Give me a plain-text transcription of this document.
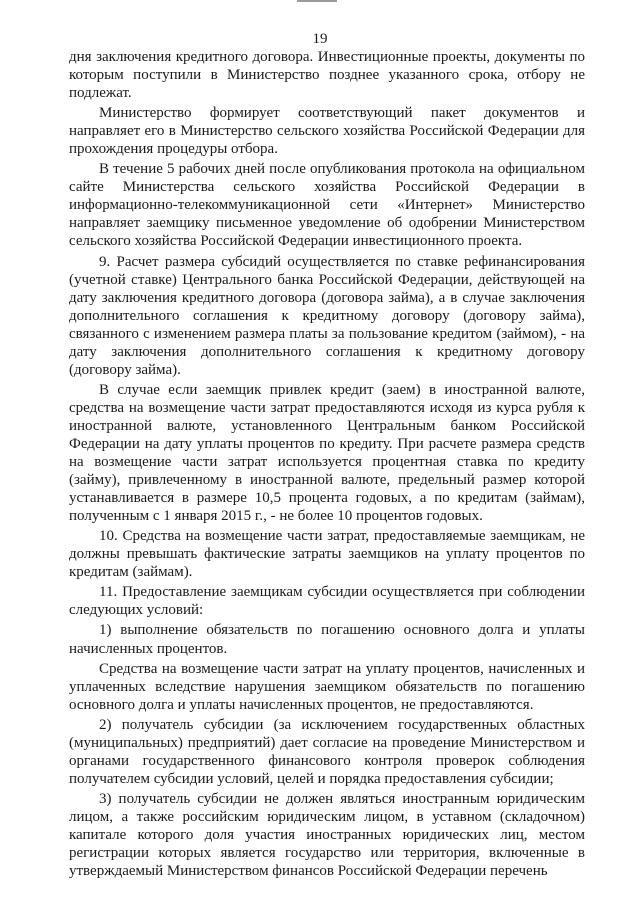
19

дня заключения кредитного договора. Инвестиционные проекты, документы по которым поступили в Министерство позднее указанного срока, отбору не подлежат.

Министерство формирует соответствующий пакет документов и направляет его в Министерство сельского хозяйства Российской Федерации для прохождения процедуры отбора.

В течение 5 рабочих дней после опубликования протокола на официальном сайте Министерства сельского хозяйства Российской Федерации в информационно-телекоммуникационной сети «Интернет» Министерство направляет заемщику письменное уведомление об одобрении Министерством сельского хозяйства Российской Федерации инвестиционного проекта.

9. Расчет размера субсидий осуществляется по ставке рефинансирования (учетной ставке) Центрального банка Российской Федерации, действующей на дату заключения кредитного договора (договора займа), а в случае заключения дополнительного соглашения к кредитному договору (договору займа), связанного с изменением размера платы за пользование кредитом (займом), - на дату заключения дополнительного соглашения к кредитному договору (договору займа).

В случае если заемщик привлек кредит (заем) в иностранной валюте, средства на возмещение части затрат предоставляются исходя из курса рубля к иностранной валюте, установленного Центральным банком Российской Федерации на дату уплаты процентов по кредиту. При расчете размера средств на возмещение части затрат используется процентная ставка по кредиту (займу), привлеченному в иностранной валюте, предельный размер которой устанавливается в размере 10,5 процента годовых, а по кредитам (займам), полученным с 1 января 2015 г., - не более 10 процентов годовых.

10. Средства на возмещение части затрат, предоставляемые заемщикам, не должны превышать фактические затраты заемщиков на уплату процентов по кредитам (займам).

11. Предоставление заемщикам субсидии осуществляется при соблюдении следующих условий:

1) выполнение обязательств по погашению основного долга и уплаты начисленных процентов.

Средства на возмещение части затрат на уплату процентов, начисленных и уплаченных вследствие нарушения заемщиком обязательств по погашению основного долга и уплаты начисленных процентов, не предоставляются.

2) получатель субсидии (за исключением государственных областных (муниципальных) предприятий) дает согласие на проведение Министерством и органами государственного финансового контроля проверок соблюдения получателем субсидии условий, целей и порядка предоставления субсидии;

3) получатель субсидии не должен являться иностранным юридическим лицом, а также российским юридическим лицом, в уставном (складочном) капитале которого доля участия иностранных юридических лиц, местом регистрации которых является государство или территория, включенные в утверждаемый Министерством финансов Российской Федерации перечень
